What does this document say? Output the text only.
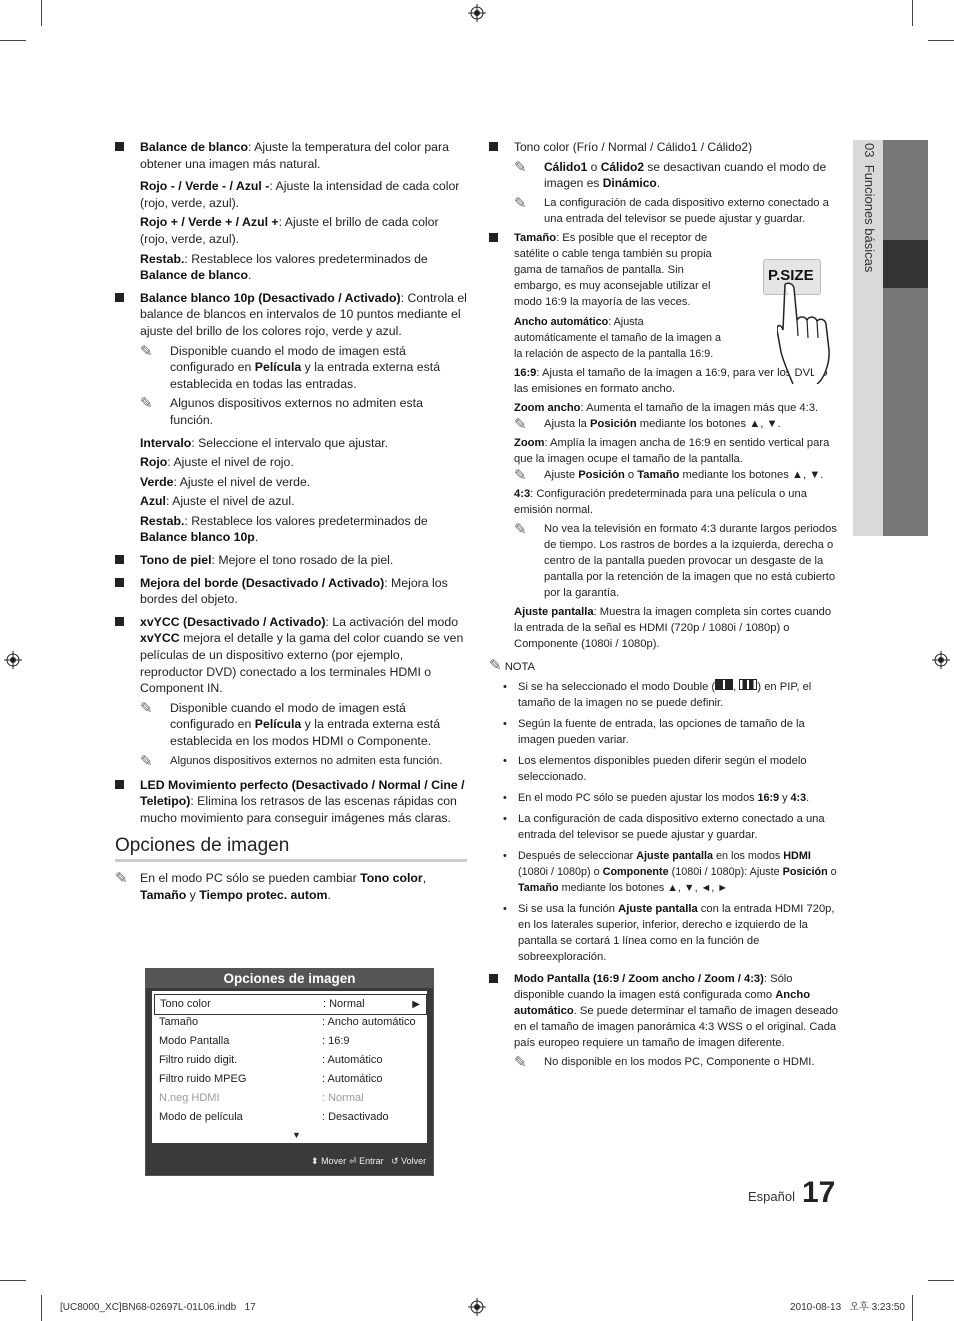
03  Funciones básicas
Balance de blanco: Ajuste la temperatura del color para obtener una imagen más natural.
Rojo - / Verde - / Azul -: Ajuste la intensidad de cada color (rojo, verde, azul).
Rojo + / Verde + / Azul +: Ajuste el brillo de cada color (rojo, verde, azul).
Restab.: Restablece los valores predeterminados de Balance de blanco.
Balance blanco 10p (Desactivado / Activado): Controla el balance de blancos en intervalos de 10 puntos mediante el ajuste del brillo de los colores rojo, verde y azul.
✎ Disponible cuando el modo de imagen está configurado en Película y la entrada externa está establecida en todas las entradas.
✎ Algunos dispositivos externos no admiten esta función.
Intervalo: Seleccione el intervalo que ajustar.
Rojo: Ajuste el nivel de rojo.
Verde: Ajuste el nivel de verde.
Azul: Ajuste el nivel de azul.
Restab.: Restablece los valores predeterminados de Balance blanco 10p.
Tono de piel: Mejore el tono rosado de la piel.
Mejora del borde (Desactivado / Activado): Mejora los bordes del objeto.
xvYCC (Desactivado / Activado): La activación del modo xvYCC mejora el detalle y la gama del color cuando se ven películas de un dispositivo externo (por ejemplo, reproductor DVD) conectado a los terminales HDMI o Component IN.
✎ Disponible cuando el modo de imagen está configurado en Película y la entrada externa está establecida en los modos HDMI o Componente.
✎ Algunos dispositivos externos no admiten esta función.
LED Movimiento perfecto (Desactivado / Normal / Cine / Teletipo): Elimina los retrasos de las escenas rápidas con mucho movimiento para conseguir imágenes más claras.
Opciones de imagen
✎ En el modo PC sólo se pueden cambiar Tono color, Tamaño y Tiempo protec. autom.
Opciones de imagen
Tono color	: Normal	▶
Tamaño	: Ancho automático
Modo Pantalla	: 16:9
Filtro ruido digit.	: Automático
Filtro ruido MPEG	: Automático
N.neg HDMI	: Normal
Modo de película	: Desactivado
▼
⬍ Mover ⏎ Entrar ↺ Volver
Tono color (Frío / Normal / Cálido1 / Cálido2)
✎ Cálido1 o Cálido2 se desactivan cuando el modo de imagen es Dinámico.
✎ La configuración de cada dispositivo externo conectado a una entrada del televisor se puede ajustar y guardar.
Tamaño: Es posible que el receptor de satélite o cable tenga también su propia gama de tamaños de pantalla. Sin embargo, es muy aconsejable utilizar el modo 16:9 la mayoría de las veces.
Ancho automático: Ajusta automáticamente el tamaño de la imagen a la relación de aspecto de la pantalla 16:9.
16:9: Ajusta el tamaño de la imagen a 16:9, para ver los DVD o las emisiones en formato ancho.
Zoom ancho: Aumenta el tamaño de la imagen más que 4:3.
✎ Ajusta la Posición mediante los botones ▲, ▼.
Zoom: Amplía la imagen ancha de 16:9 en sentido vertical para que la imagen ocupe el tamaño de la pantalla.
✎ Ajuste Posición o Tamaño mediante los botones ▲, ▼.
4:3: Configuración predeterminada para una película o una emisión normal.
✎ No vea la televisión en formato 4:3 durante largos periodos de tiempo. Los rastros de bordes a la izquierda, derecha o centro de la pantalla pueden provocar un desgaste de la pantalla por la retención de la imagen que no está cubierto por la garantía.
Ajuste pantalla: Muestra la imagen completa sin cortes cuando la entrada de la señal es HDMI (720p / 1080i / 1080p) o Componente (1080i / 1080p).
✎ NOTA
• Si se ha seleccionado el modo Double ( , ) en PIP, el tamaño de la imagen no se puede definir.
• Según la fuente de entrada, las opciones de tamaño de la imagen pueden variar.
• Los elementos disponibles pueden diferir según el modelo seleccionado.
• En el modo PC sólo se pueden ajustar los modos 16:9 y 4:3.
• La configuración de cada dispositivo externo conectado a una entrada del televisor se puede ajustar y guardar.
• Después de seleccionar Ajuste pantalla en los modos HDMI (1080i / 1080p) o Componente (1080i / 1080p): Ajuste Posición o Tamaño mediante los botones ▲, ▼, ◄, ►
• Si se usa la función Ajuste pantalla con la entrada HDMI 720p, en los laterales superior, inferior, derecho e izquierdo de la pantalla se cortará 1 línea como en la función de sobreexploración.
Modo Pantalla (16:9 / Zoom ancho / Zoom / 4:3): Sólo disponible cuando la imagen está configurada como Ancho automático. Se puede determinar el tamaño de imagen deseado en el tamaño de imagen panorámica 4:3 WSS o el original. Cada país europeo requiere un tamaño de imagen diferente.
✎ No disponible en los modos PC, Componente o HDMI.
P.SIZE
Español 17
[UC8000_XC]BN68-02697L-01L06.indb   17	2010-08-13   오후 3:23:50
